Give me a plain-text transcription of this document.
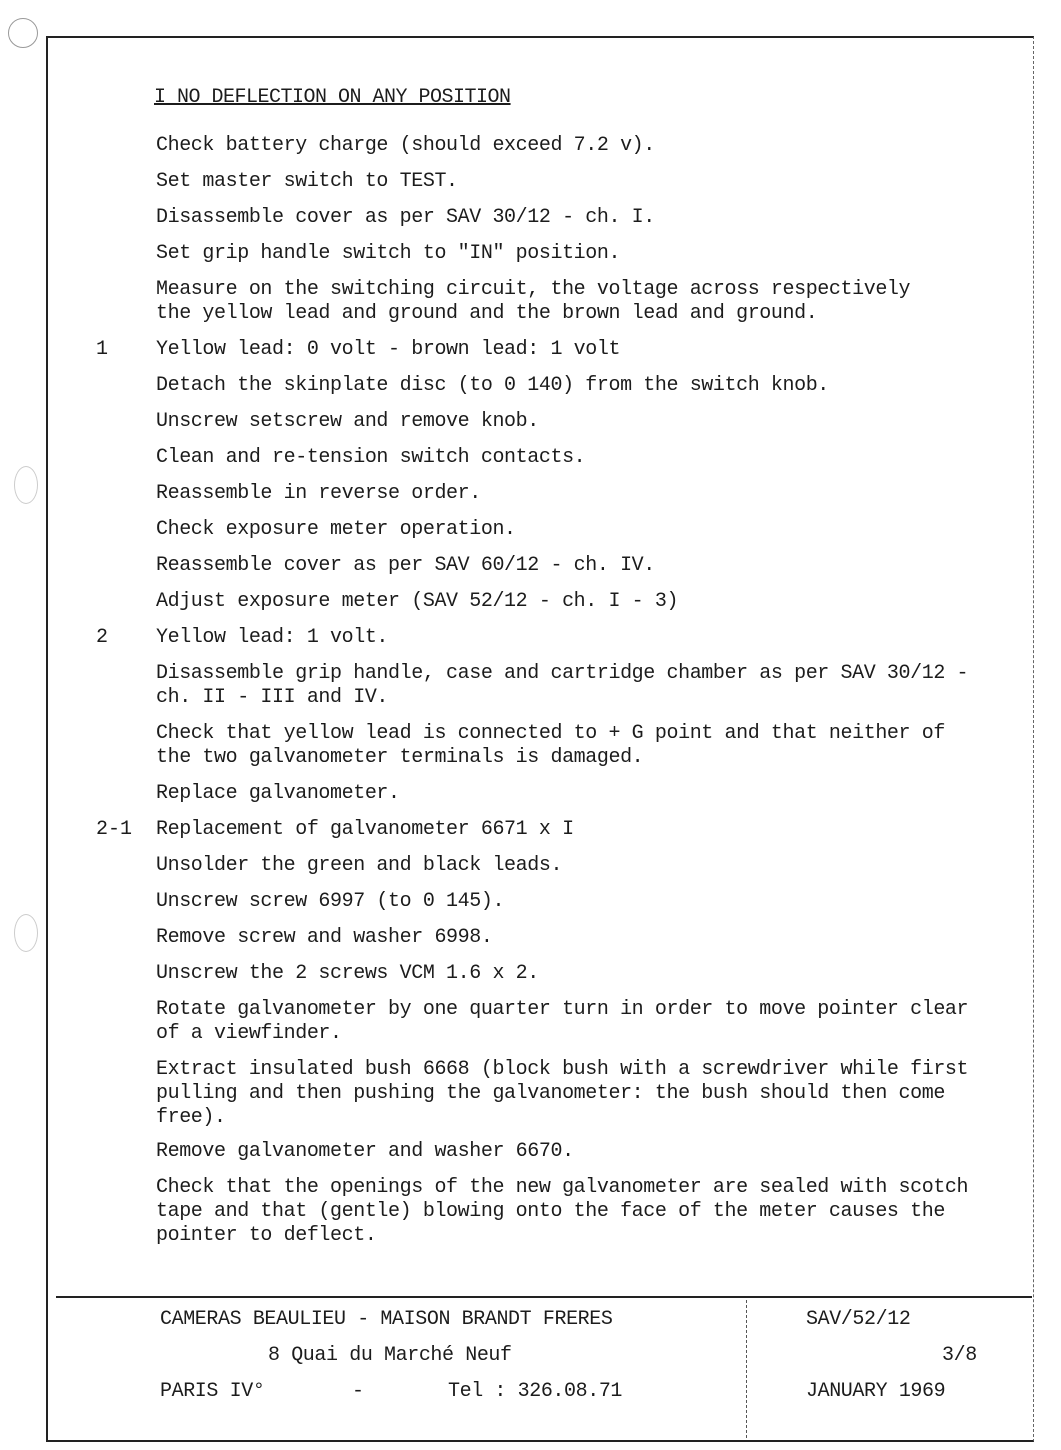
I NO DEFLECTION ON ANY POSITION
Check battery charge (should exceed 7.2 v).
Set master switch to TEST.
Disassemble cover as per SAV 30/12 - ch. I.
Set grip handle switch to "IN" position.
Measure on the switching circuit, the voltage across respectively
the yellow lead and ground and the brown lead and ground.
1 Yellow lead: 0 volt - brown lead: 1 volt
Detach the skinplate disc (to 0 140) from the switch knob.
Unscrew setscrew and remove knob.
Clean and re-tension switch contacts.
Reassemble in reverse order.
Check exposure meter operation.
Reassemble cover as per SAV 60/12 - ch. IV.
Adjust exposure meter (SAV 52/12 - ch. I - 3)
2 Yellow lead: 1 volt.
Disassemble grip handle, case and cartridge chamber as per SAV 30/12 -
ch. II - III and IV.
Check that yellow lead is connected to + G point and that neither of
the two galvanometer terminals is damaged.
Replace galvanometer.
2-1 Replacement of galvanometer 6671 x I
Unsolder the green and black leads.
Unscrew screw 6997 (to 0 145).
Remove screw and washer 6998.
Unscrew the 2 screws VCM 1.6 x 2.
Rotate galvanometer by one quarter turn in order to move pointer clear
of a viewfinder.
Extract insulated bush 6668 (block bush with a screwdriver while first
pulling and then pushing the galvanometer: the bush should then come
free).
Remove galvanometer and washer 6670.
Check that the openings of the new galvanometer are sealed with scotch
tape and that (gentle) blowing onto the face of the meter causes the
pointer to deflect.
CAMERAS BEAULIEU - MAISON BRANDT FRERES
8 Quai du Marché Neuf
PARIS IV°	-	Tel : 326.08.71
SAV/52/12
3/8
JANUARY 1969
